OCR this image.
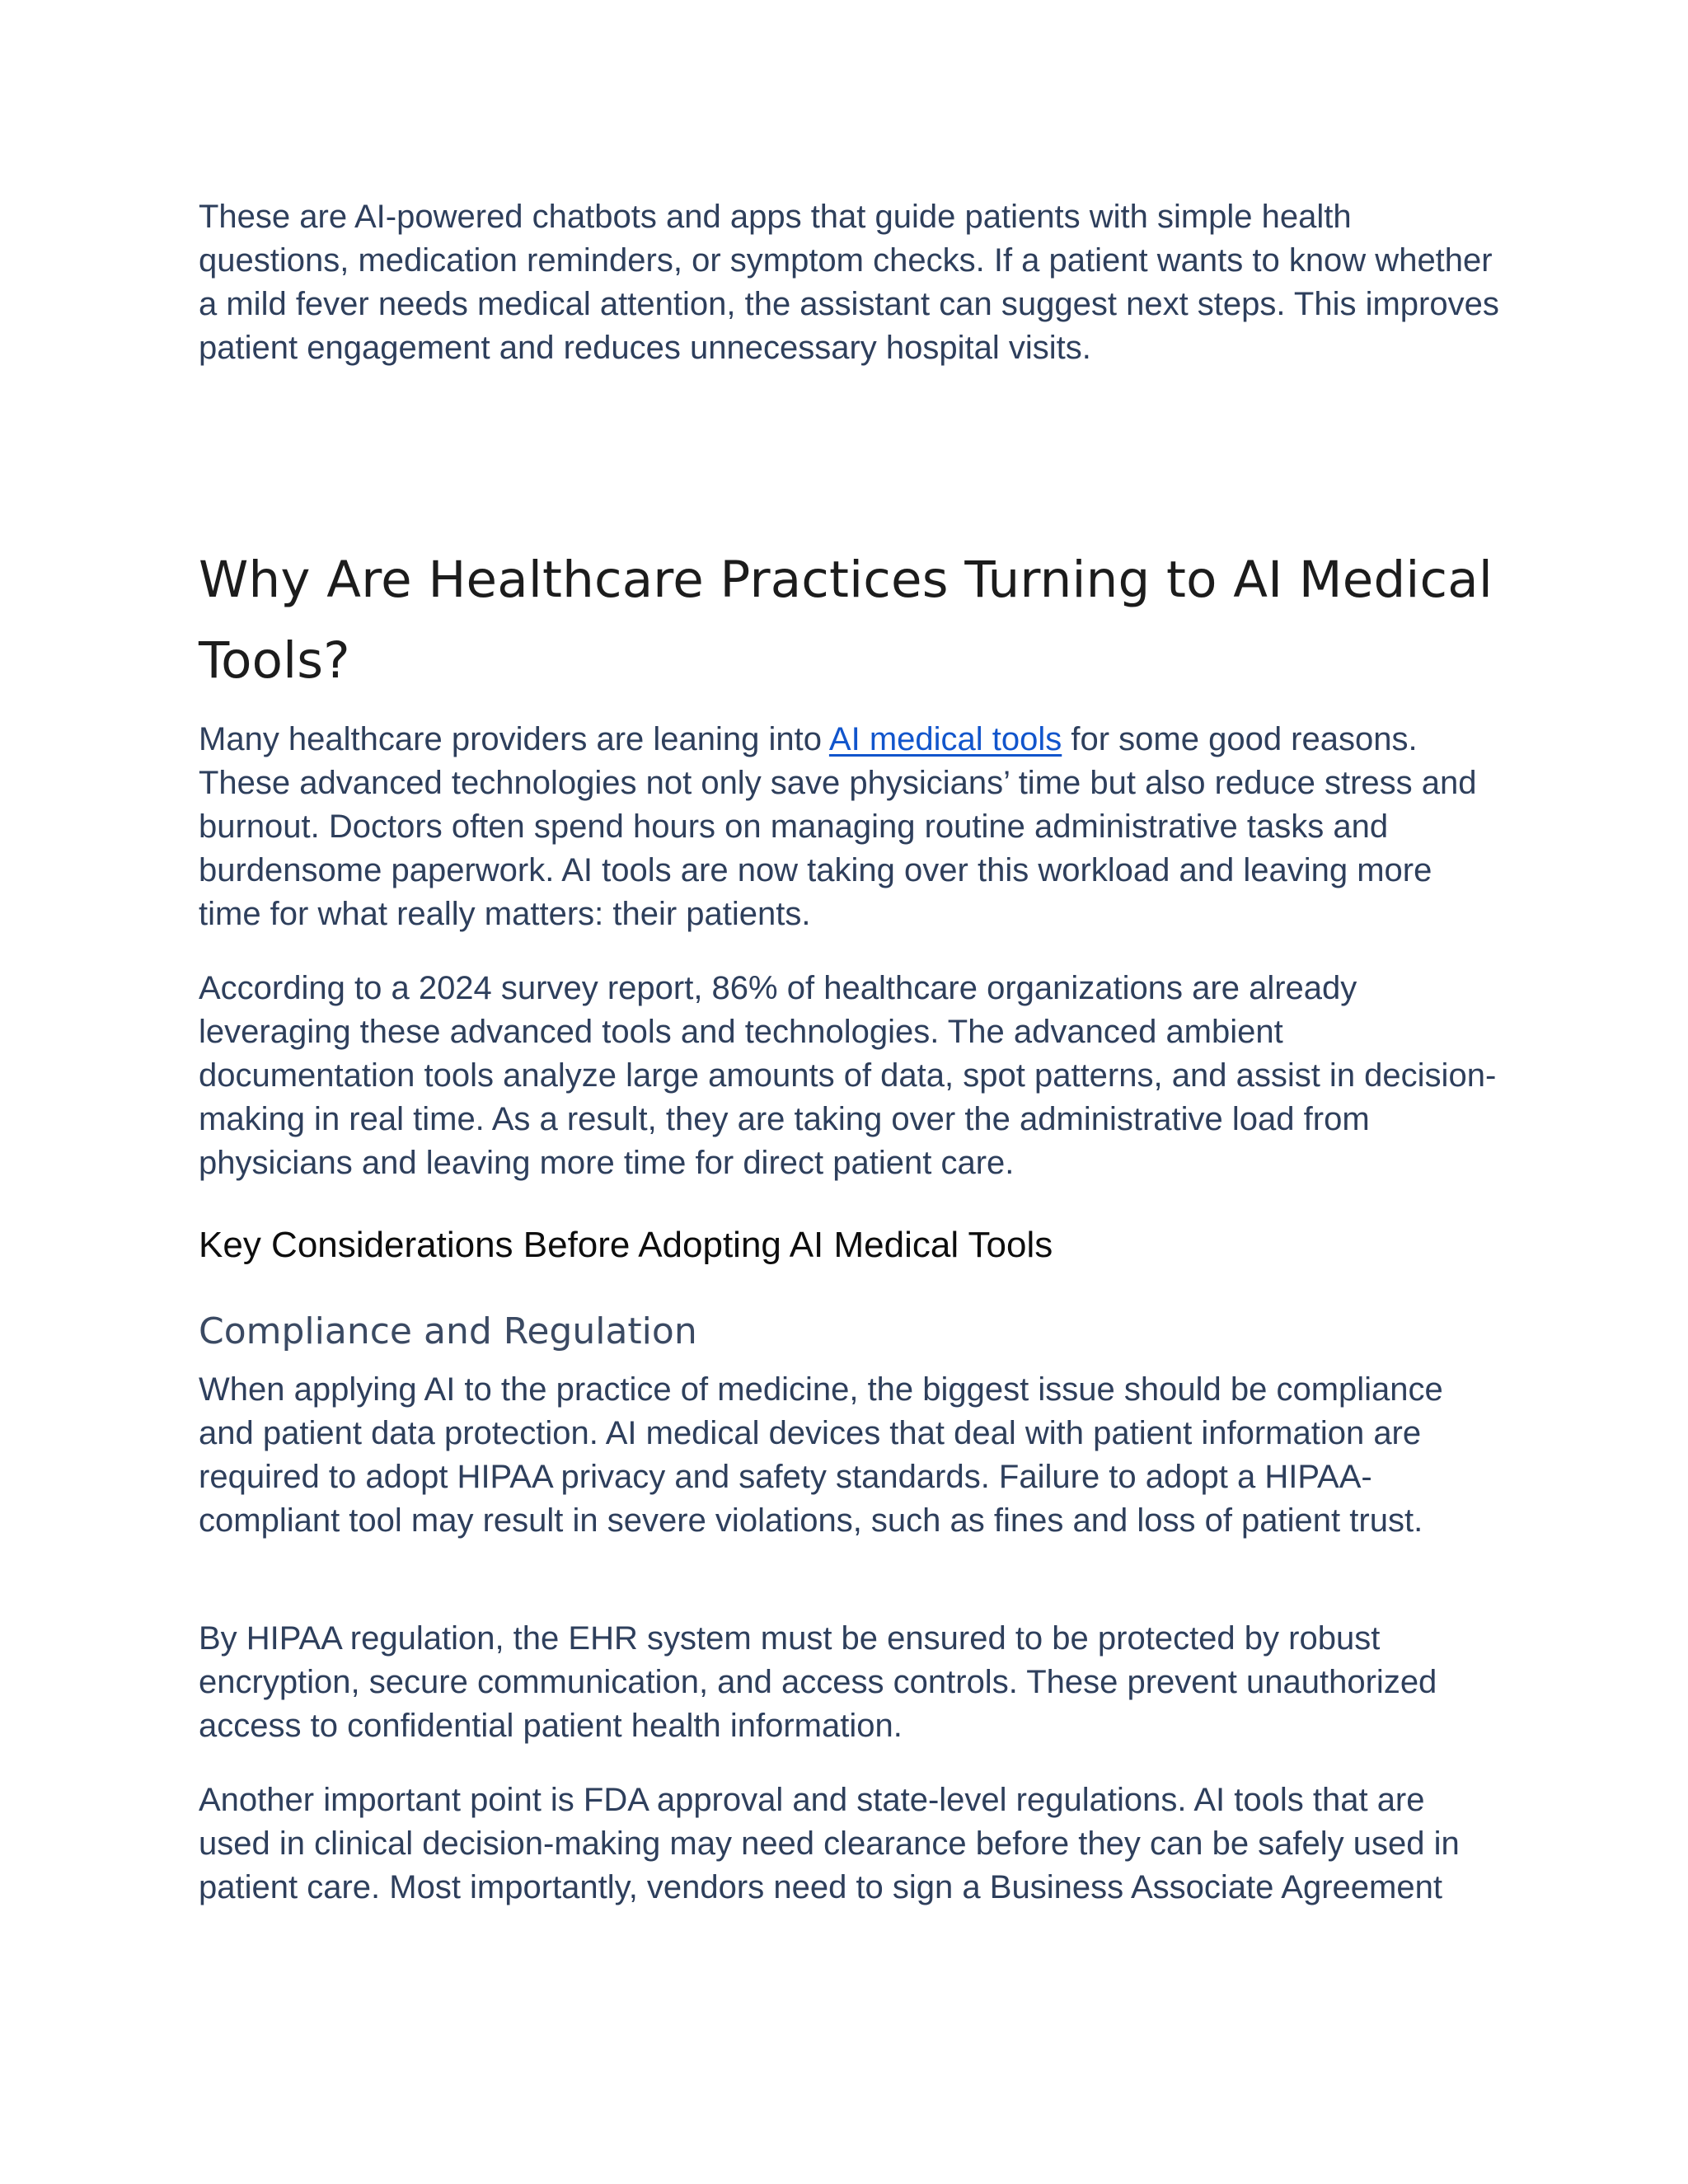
These are AI-powered chatbots and apps that guide patients with simple health questions, medication reminders, or symptom checks. If a patient wants to know whether a mild fever needs medical attention, the assistant can suggest next steps. This improves patient engagement and reduces unnecessary hospital visits.

Why Are Healthcare Practices Turning to AI Medical Tools?

Many healthcare providers are leaning into AI medical tools for some good reasons. These advanced technologies not only save physicians’ time but also reduce stress and burnout. Doctors often spend hours on managing routine administrative tasks and burdensome paperwork. AI tools are now taking over this workload and leaving more time for what really matters: their patients.

According to a 2024 survey report, 86% of healthcare organizations are already leveraging these advanced tools and technologies. The advanced ambient documentation tools analyze large amounts of data, spot patterns, and assist in decision-making in real time. As a result, they are taking over the administrative load from physicians and leaving more time for direct patient care.

Key Considerations Before Adopting AI Medical Tools
Compliance and Regulation

When applying AI to the practice of medicine, the biggest issue should be compliance and patient data protection. AI medical devices that deal with patient information are required to adopt HIPAA privacy and safety standards. Failure to adopt a HIPAA-compliant tool may result in severe violations, such as fines and loss of patient trust.

By HIPAA regulation, the EHR system must be ensured to be protected by robust encryption, secure communication, and access controls. These prevent unauthorized access to confidential patient health information.

Another important point is FDA approval and state-level regulations. AI tools that are used in clinical decision-making may need clearance before they can be safely used in patient care. Most importantly, vendors need to sign a Business Associate Agreement
